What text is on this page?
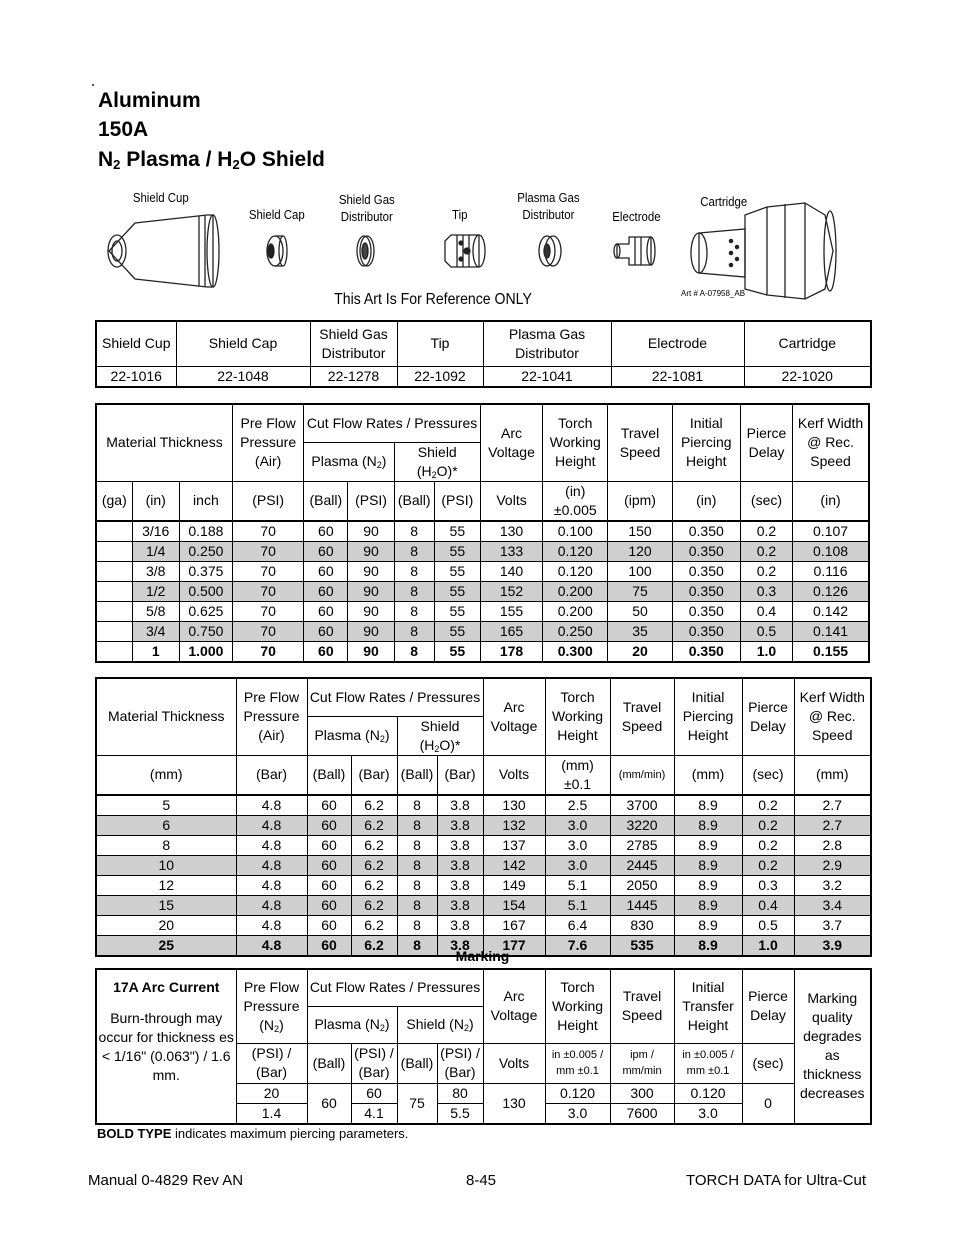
Aluminum
150A
$N_2$ Plasma / $H_2O$ Shield
Shield Cup
Shield Cap
Shield Gas
Distributor	Tip
Plasma Gas
Distributor	Electrode
Cartridge
This Art Is For Reference ONLY	Art # A-07958_AB
Shield Cup	Shield Cap	Shield Gas Distributor	Tip	Plasma Gas Distributor	Electrode	Cartridge
22-1016	22-1048	22-1278	22-1092	22-1041	22-1081	22-1020
Material Thickness			Pre Flow Pressure (Air)	Cut Flow Rates / Pressures				Arc Voltage	Torch Working Height	Travel Speed	Initial Piercing Height	Pierce Delay	Kerf Width @ Rec. Speed
				Plasma $(N_2)$		Shield
$(H_2O)*$							

(ga)	(in)	inch	(PSI)	(Ball)	(PSI)	(Ball)	(PSI)	Volts	(in) ±0.005	(ipm)	(in)	(sec)	(in)
	3/16	0.188	70	60	90	8	55	130	0.100	150	0.350	0.2	0.107
	1/4	0.250	70	60	90	8	55	133	0.120	120	0.350	0.2	0.108
	3/8	0.375	70	60	90	8	55	140	0.120	100	0.350	0.2	0.116
	1/2	0.500	70	60	90	8	55	152	0.200	75	0.350	0.3	0.126
	5/8	0.625	70	60	90	8	55	155	0.200	50	0.350	0.4	0.142
	3/4	0.750	70	60	90	8	55	165	0.250	35	0.350	0.5	0.141
	1	1.000	70	60	90	8	55	178	0.300	20	0.350	1.0	0.155
Material Thickness	Pre Flow Pressure (Air)	Cut Flow Rates / Pressures				Arc Voltage	Torch Working Height	Travel Speed	Initial Piercing Height	Pierce Delay	Kerf Width @ Rec. Speed
		Plasma $(N_2)$		Shield
$(H_2O)*$							

(mm)	(Bar)	(Ball)	(Bar)	(Ball)	(Bar)	Volts	(mm) ±0.1	(mm/min)	(mm)	(sec)	(mm)
5	4.8	60	6.2	8	3.8	130	2.5	3700	8.9	0.2	2.7
6	4.8	60	6.2	8	3.8	132	3.0	3220	8.9	0.2	2.7
8	4.8	60	6.2	8	3.8	137	3.0	2785	8.9	0.2	2.8
10	4.8	60	6.2	8	3.8	142	3.0	2445	8.9	0.2	2.9
12	4.8	60	6.2	8	3.8	149	5.1	2050	8.9	0.3	3.2
15	4.8	60	6.2	8	3.8	154	5.1	1445	8.9	0.4	3.4
20	4.8	60	6.2	8	3.8	167	6.4	830	8.9	0.5	3.7
25	4.8	60	6.2	8	3.8	177	7.6	535	8.9	1.0	3.9
Marking
17A Arc Current
Burn-through may occur for thickness es < 1/16" (0.063") / 1.6 mm.	Pre Flow Pressure $(N_2)$	Cut Flow Rates / Pressures				Arc Voltage	Torch Working Height	Travel Speed	Initial Transfer Height	Pierce Delay	Marking quality degrades as thickness decreases
		Plasma $(N_2)$		Shield $(N_2)$							
	(PSI) / (Bar)	(Ball)	(PSI) / (Bar)	(Ball)	(PSI) / (Bar)	Volts	in ±0.005 / mm ±0.1	ipm / mm/min	in ±0.005 / mm ±0.1	(sec)	
	20	60	60	75	80	130	0.120	300	0.120	0	
	1.4		4.1		5.5		3.0	7600	3.0		
BOLD TYPE indicates maximum piercing parameters.
Manual 0-4829 Rev AN	8-45	TORCH DATA for Ultra-Cut
